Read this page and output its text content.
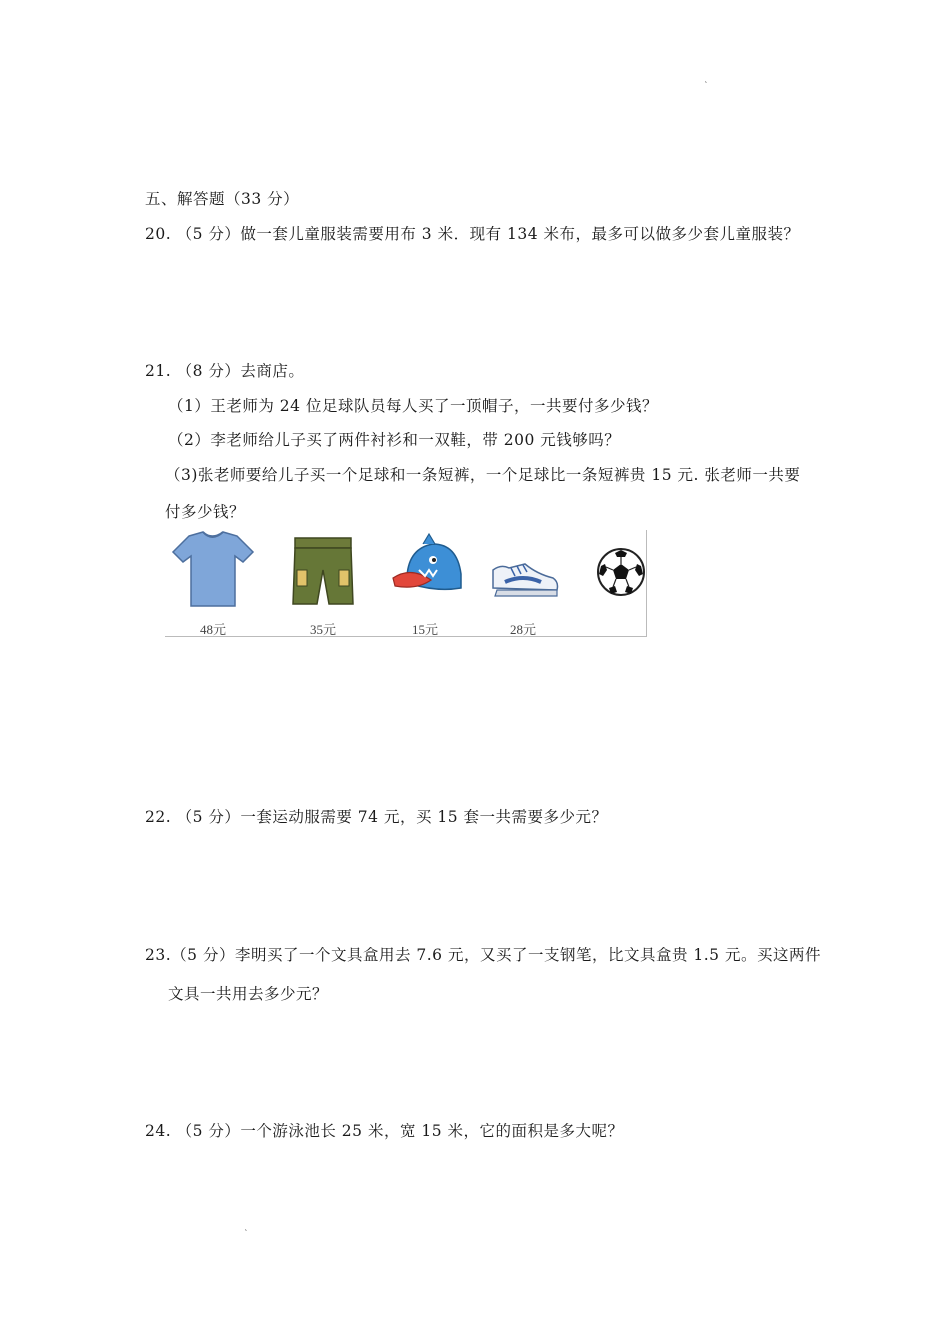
˛
五、解答题（33 分）
20. （5 分）做一套儿童服装需要用布 3 米．现有 134 米布，最多可以做多少套儿童服装？
21. （8 分）去商店。
（1）王老师为 24 位足球队员每人买了一顶帽子，一共要付多少钱？
（2）李老师给儿子买了两件衬衫和一双鞋，带 200 元钱够吗？
（3)张老师要给儿子买一个足球和一条短裤，一个足球比一条短裤贵 15 元. 张老师一共要
付多少钱？
48元	35元	15元	28元
22. （5 分）一套运动服需要 74 元，买 15 套一共需要多少元？
23.（5 分）李明买了一个文具盒用去 7.6 元，又买了一支钢笔，比文具盒贵 1.5 元。买这两件
文具一共用去多少元？
24. （5 分）一个游泳池长 25 米，宽 15 米，它的面积是多大呢？
˛
